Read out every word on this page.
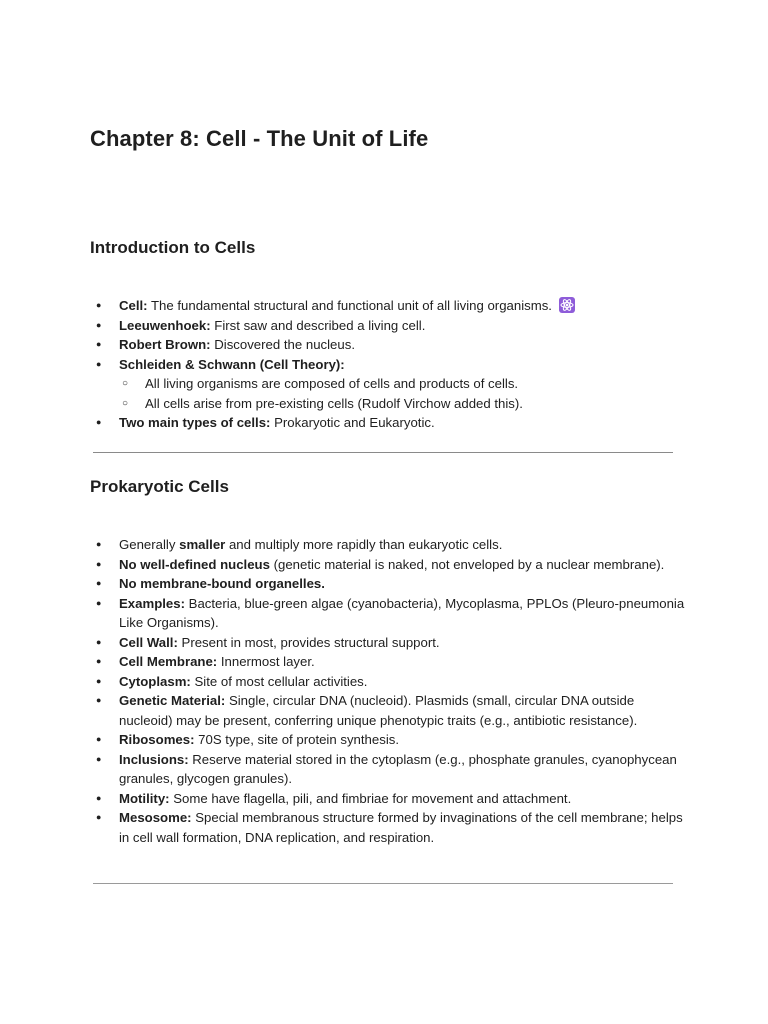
Chapter 8: Cell - The Unit of Life
Introduction to Cells
● Cell: The fundamental structural and functional unit of all living organisms.
● Leeuwenhoek: First saw and described a living cell.
● Robert Brown: Discovered the nucleus.
● Schleiden & Schwann (Cell Theory):
○ All living organisms are composed of cells and products of cells.
○ All cells arise from pre-existing cells (Rudolf Virchow added this).
● Two main types of cells: Prokaryotic and Eukaryotic.
Prokaryotic Cells
● Generally smaller and multiply more rapidly than eukaryotic cells.
● No well-defined nucleus (genetic material is naked, not enveloped by a nuclear membrane).
● No membrane-bound organelles.
● Examples: Bacteria, blue-green algae (cyanobacteria), Mycoplasma, PPLOs (Pleuro-pneumonia Like Organisms).
● Cell Wall: Present in most, provides structural support.
● Cell Membrane: Innermost layer.
● Cytoplasm: Site of most cellular activities.
● Genetic Material: Single, circular DNA (nucleoid). Plasmids (small, circular DNA outside nucleoid) may be present, conferring unique phenotypic traits (e.g., antibiotic resistance).
● Ribosomes: 70S type, site of protein synthesis.
● Inclusions: Reserve material stored in the cytoplasm (e.g., phosphate granules, cyanophycean granules, glycogen granules).
● Motility: Some have flagella, pili, and fimbriae for movement and attachment.
● Mesosome: Special membranous structure formed by invaginations of the cell membrane; helps in cell wall formation, DNA replication, and respiration.
